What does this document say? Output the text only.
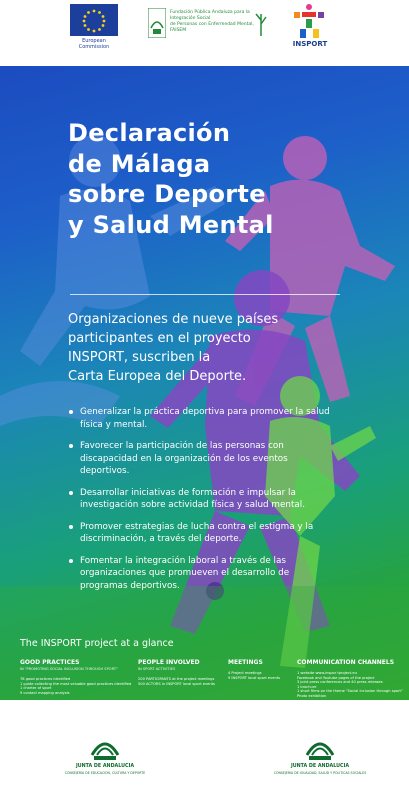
European
Commission
Fundación Pública Andaluza para la Integración Social
de Personas con Enfermedad Mental, FAISEM
INSPORT
Declaración
de Málaga
sobre Deporte
y Salud Mental

Organizaciones de nueve países
participantes en el proyecto
INSPORT, suscriben la
Carta Europea del Deporte.

Generalizar la práctica deportiva para promover la salud
física y mental.
Favorecer la participación de las personas con
discapacidad en la organización de los eventos
deportivos.
Desarrollar iniciativas de formación e impulsar la
investigación sobre actividad física y salud mental.
Promover estrategias de lucha contra el estigma y la
discriminación, a través del deporte.
Fomentar la integración laboral a través de las
organizaciones que promueven el desarrollo de
programas deportivos.
The INSPORT project at a glance
GOOD PRACTICES
IN "PROMOTING SOCIAL INCLUSION THROUGH SPORT"
78 good practices identified
1 guide collecting the most valuable good practices identified
1 charter of sport
9 contact mapping analysis
PEOPLE INVOLVED
IN SPORT ACTIVITIES
200 PARTICIPANTS at the project meetings
500 ACTORS in INSPORT local sport events
MEETINGS
4 Project meetings
9 INSPORT local sport events
COMMUNICATION CHANNELS
1 website www.inspor tproject.eu
Facebook and Youtube pages of the project
3 joint press conferences and 40 press releases
1 brochure
1 short films on the theme "Social inclusion through sport"
Photo exhibition
JUNTA DE ANDALUCIA
CONSEJERIA DE EDUCACION, CULTURA Y DEPORTE
JUNTA DE ANDALUCIA
CONSEJERIA DE IGUALDAD, SALUD Y POLITICAS SOCIALES
